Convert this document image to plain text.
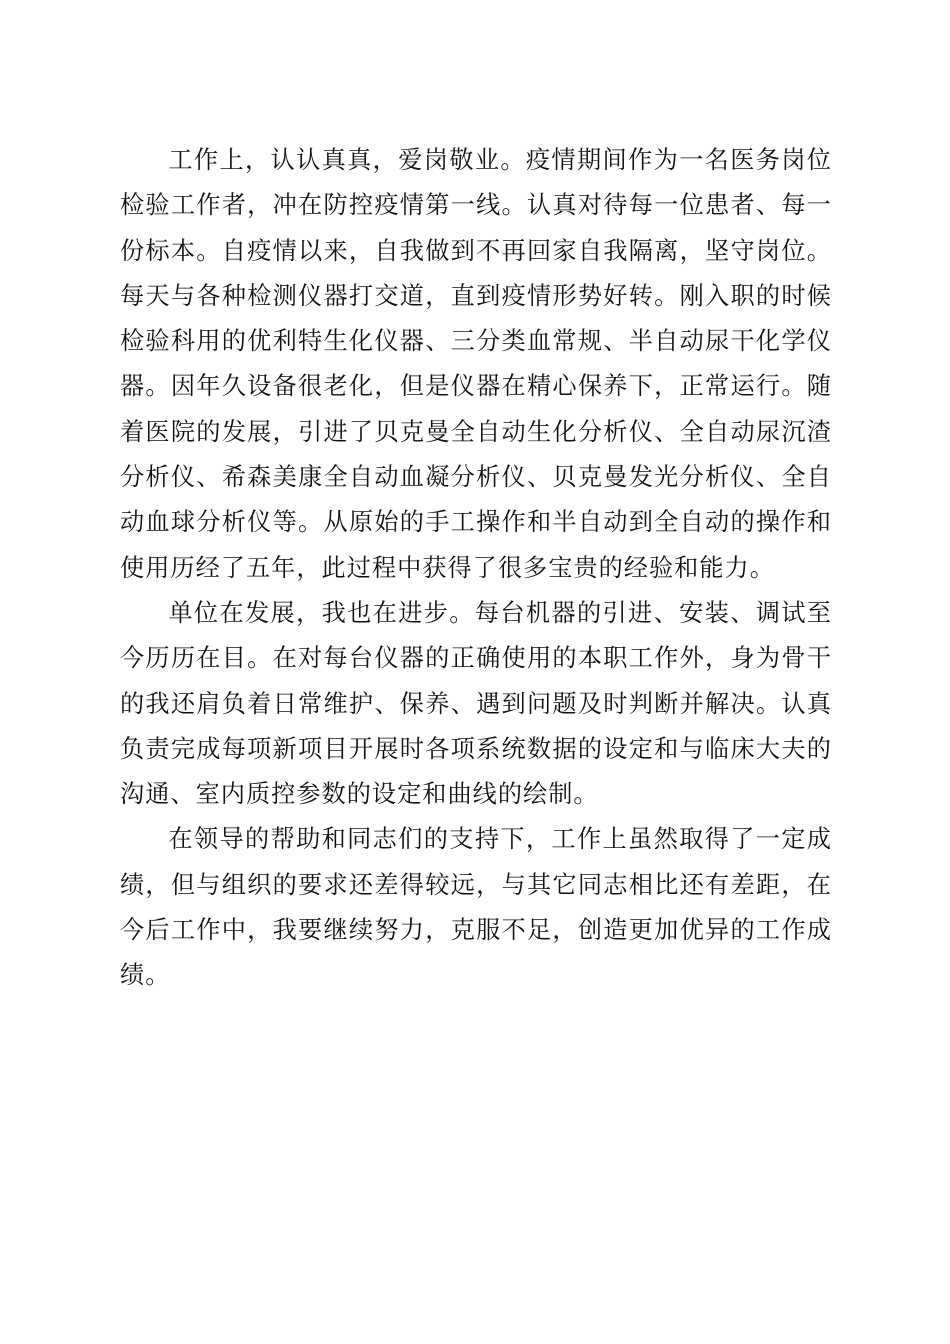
工作上，认认真真，爱岗敬业。疫情期间作为一名医务岗位检验工作者，冲在防控疫情第一线。认真对待每一位患者、每一份标本。自疫情以来，自我做到不再回家自我隔离，坚守岗位。每天与各种检测仪器打交道，直到疫情形势好转。刚入职的时候检验科用的优利特生化仪器、三分类血常规、半自动尿干化学仪器。因年久设备很老化，但是仪器在精心保养下，正常运行。随着医院的发展，引进了贝克曼全自动生化分析仪、全自动尿沉渣分析仪、希森美康全自动血凝分析仪、贝克曼发光分析仪、全自动血球分析仪等。从原始的手工操作和半自动到全自动的操作和使用历经了五年，此过程中获得了很多宝贵的经验和能力。

单位在发展，我也在进步。每台机器的引进、安装、调试至今历历在目。在对每台仪器的正确使用的本职工作外，身为骨干的我还肩负着日常维护、保养、遇到问题及时判断并解决。认真负责完成每项新项目开展时各项系统数据的设定和与临床大夫的沟通、室内质控参数的设定和曲线的绘制。

在领导的帮助和同志们的支持下，工作上虽然取得了一定成绩，但与组织的要求还差得较远，与其它同志相比还有差距，在今后工作中，我要继续努力，克服不足，创造更加优异的工作成绩。
